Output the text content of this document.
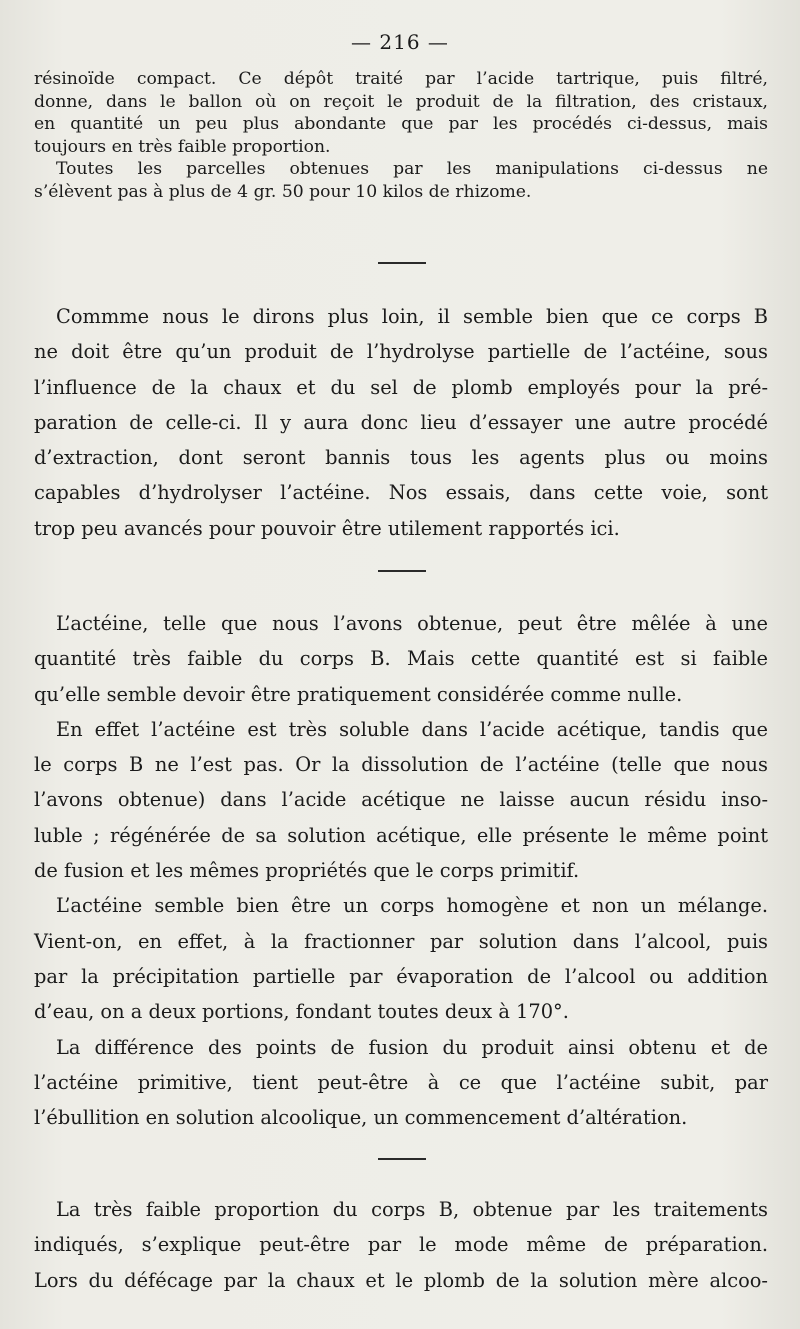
— 216 —
résinoïde compact. Ce dépôt traité par l’acide tartrique, puis filtré,
donne, dans le ballon où on reçoit le produit de la filtration, des cristaux,
en quantité un peu plus abondante que par les procédés ci-dessus, mais
toujours en très faible proportion.
Toutes les parcelles obtenues par les manipulations ci-dessus ne
s’élèvent pas à plus de 4 gr. 50 pour 10 kilos de rhizome.
Commme nous le dirons plus loin, il semble bien que ce corps B
ne doit être qu’un produit de l’hydrolyse partielle de l’actéine, sous
l’influence de la chaux et du sel de plomb employés pour la pré-
paration de celle-ci. Il y aura donc lieu d’essayer une autre procédé
d’extraction, dont seront bannis tous les agents plus ou moins
capables d’hydrolyser l’actéine. Nos essais, dans cette voie, sont
trop peu avancés pour pouvoir être utilement rapportés ici.
L’actéine, telle que nous l’avons obtenue, peut être mêlée à une
quantité très faible du corps B. Mais cette quantité est si faible
qu’elle semble devoir être pratiquement considérée comme nulle.
En effet l’actéine est très soluble dans l’acide acétique, tandis que
le corps B ne l’est pas. Or la dissolution de l’actéine (telle que nous
l’avons obtenue) dans l’acide acétique ne laisse aucun résidu inso-
luble ; régénérée de sa solution acétique, elle présente le même point
de fusion et les mêmes propriétés que le corps primitif.
L’actéine semble bien être un corps homogène et non un mélange.
Vient-on, en effet, à la fractionner par solution dans l’alcool, puis
par la précipitation partielle par évaporation de l’alcool ou addition
d’eau, on a deux portions, fondant toutes deux à 170°.
La différence des points de fusion du produit ainsi obtenu et de
l’actéine primitive, tient peut-être à ce que l’actéine subit, par
l’ébullition en solution alcoolique, un commencement d’altération.
La très faible proportion du corps B, obtenue par les traitements
indiqués, s’explique peut-être par le mode même de préparation.
Lors du défécage par la chaux et le plomb de la solution mère alcoo-
